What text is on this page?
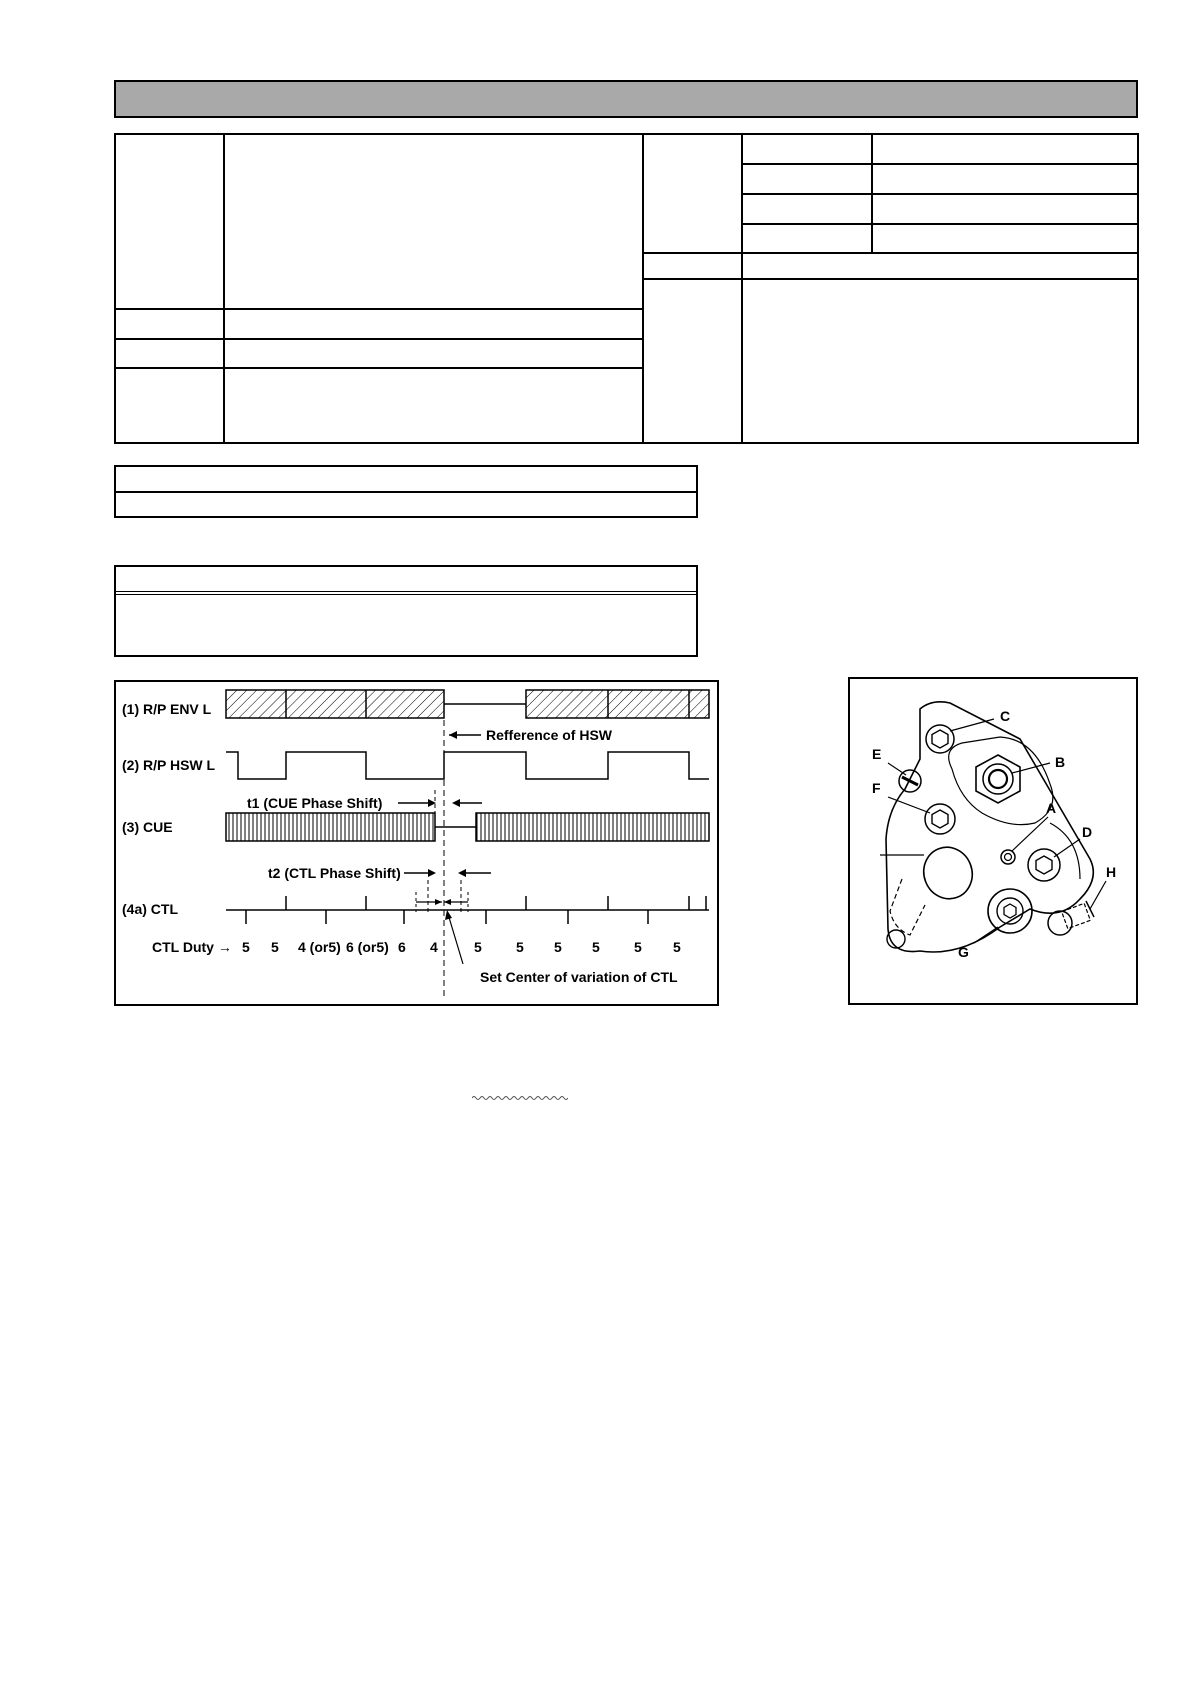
(1) R/P ENV L
Refference of HSW
(2) R/P HSW L
t1 (CUE Phase Shift)
(3) CUE
t2 (CTL Phase Shift)
(4a) CTL
CTL Duty → 5 5 4 (or5) 6 (or5) 6 4	5 5 5 5 5 5
Set Center of variation of CTL
C
B
E
F
A
D
H
G
